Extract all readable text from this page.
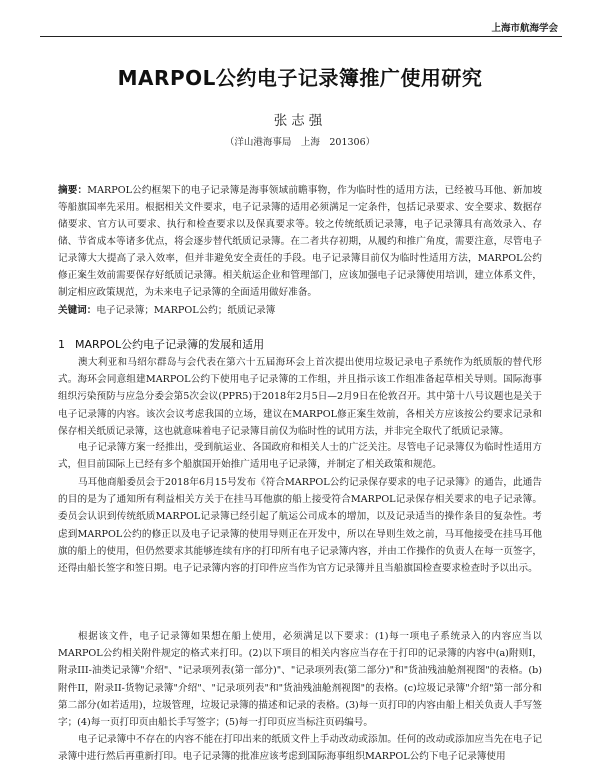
上海市航海学会
MARPOL公约电子记录簿推广使用研究
张志强
（洋山港海事局　上海　201306）
摘要：MARPOL公约框架下的电子记录簿是海事领域前瞻事物，作为临时性的适用方法，已经被马耳他、新加坡等船旗国率先采用。根据相关文件要求，电子记录簿的适用必须满足一定条件，包括记录要求、安全要求、数据存储要求、官方认可要求、执行和检查要求以及保真要求等。较之传统纸质记录簿，电子记录簿具有高效录入、存储、节省成本等诸多优点，将会逐步替代纸质记录簿。在二者共存初期，从履约和推广角度，需要注意，尽管电子记录簿大大提高了录入效率，但并非避免安全责任的手段。电子记录簿目前仅为临时性适用方法，MARPOL公约修正案生效前需要保存好纸质记录簿。相关航运企业和管理部门，应该加强电子记录簿使用培训，建立体系文件，制定相应政策规范，为未来电子记录簿的全面适用做好准备。
关键词：电子记录簿；MARPOL公约；纸质记录簿
1 MARPOL公约电子记录簿的发展和适用

澳大利亚和马绍尔群岛与会代表在第六十五届海环会上首次提出使用垃圾记录电子系统作为纸质版的替代形式。海环会同意组建MARPOL公约下使用电子记录簿的工作组，并且指示该工作组准备起草相关导则。国际海事组织污染预防与应急分委会第5次会议(PPR5)于2018年2月5日—2月9日在伦敦召开。其中第十八号议题也是关于电子记录簿的内容。该次会议考虑我国的立场，建议在MARPOL修正案生效前，各相关方应该按公约要求记录和保存相关纸质记录簿，这也就意味着电子记录簿目前仅为临时性的试用方法，并非完全取代了纸质记录簿。

电子记录簿方案一经推出，受到航运业、各国政府和相关人士的广泛关注。尽管电子记录簿仅为临时性适用方式，但目前国际上已经有多个船旗国开始推广适用电子记录簿，并制定了相关政策和规范。

马耳他商船委员会于2018年6月15号发布《符合MARPOL公约记录保存要求的电子记录簿》的通告，此通告的目的是为了通知所有利益相关方关于在挂马耳他旗的船上接受符合MARPOL记录保存相关要求的电子记录簿。委员会认识到传统纸质MARPOL记录簿已经引起了航运公司成本的增加，以及记录适当的操作条目的复杂性。考虑到MARPOL公约的修正以及电子记录簿的使用导则正在开发中，所以在导则生效之前，马耳他接受在挂马耳他旗的船上的使用，但仍然要求其能够连续有序的打印所有电子记录簿内容，并由工作操作的负责人在每一页签字，还得由船长签字和签日期。电子记录簿内容的打印件应当作为官方记录簿并且当船旗国检查要求检查时予以出示。

根据该文件，电子记录簿如果想在船上使用，必须满足以下要求：(1)每一项电子系统录入的内容应当以MARPOL公约相关附件规定的格式来打印。(2)以下项目的相关内容应当存在于打印的记录簿的内容中(a)附则I，附录III-油类记录簿"介绍"、"记录项列表(第一部分)"、"记录项列表(第二部分)"和"货油残油舱剂视图"的表格。(b)附件II，附录II-货物记录簿"介绍"、"记录项列表"和"货油残油舱剂视图"的表格。(c)垃圾记录簿"介绍"第一部分和第二部分(如若适用)，垃圾管理，垃圾记录簿的描述和记录的表格。(3)每一页打印的内容由船上相关负责人手写签字；(4)每一页打印页由船长手写签字；(5)每一打印页应当标注页码编号。

电子记录簿中不存在的内容不能在打印出来的纸质文件上手动改动或添加。任何的改动或添加应当先在电子记录簿中进行然后再重新打印。电子记录簿的批准应该考虑到国际海事组织MARPOL公约下电子记录簿使用
